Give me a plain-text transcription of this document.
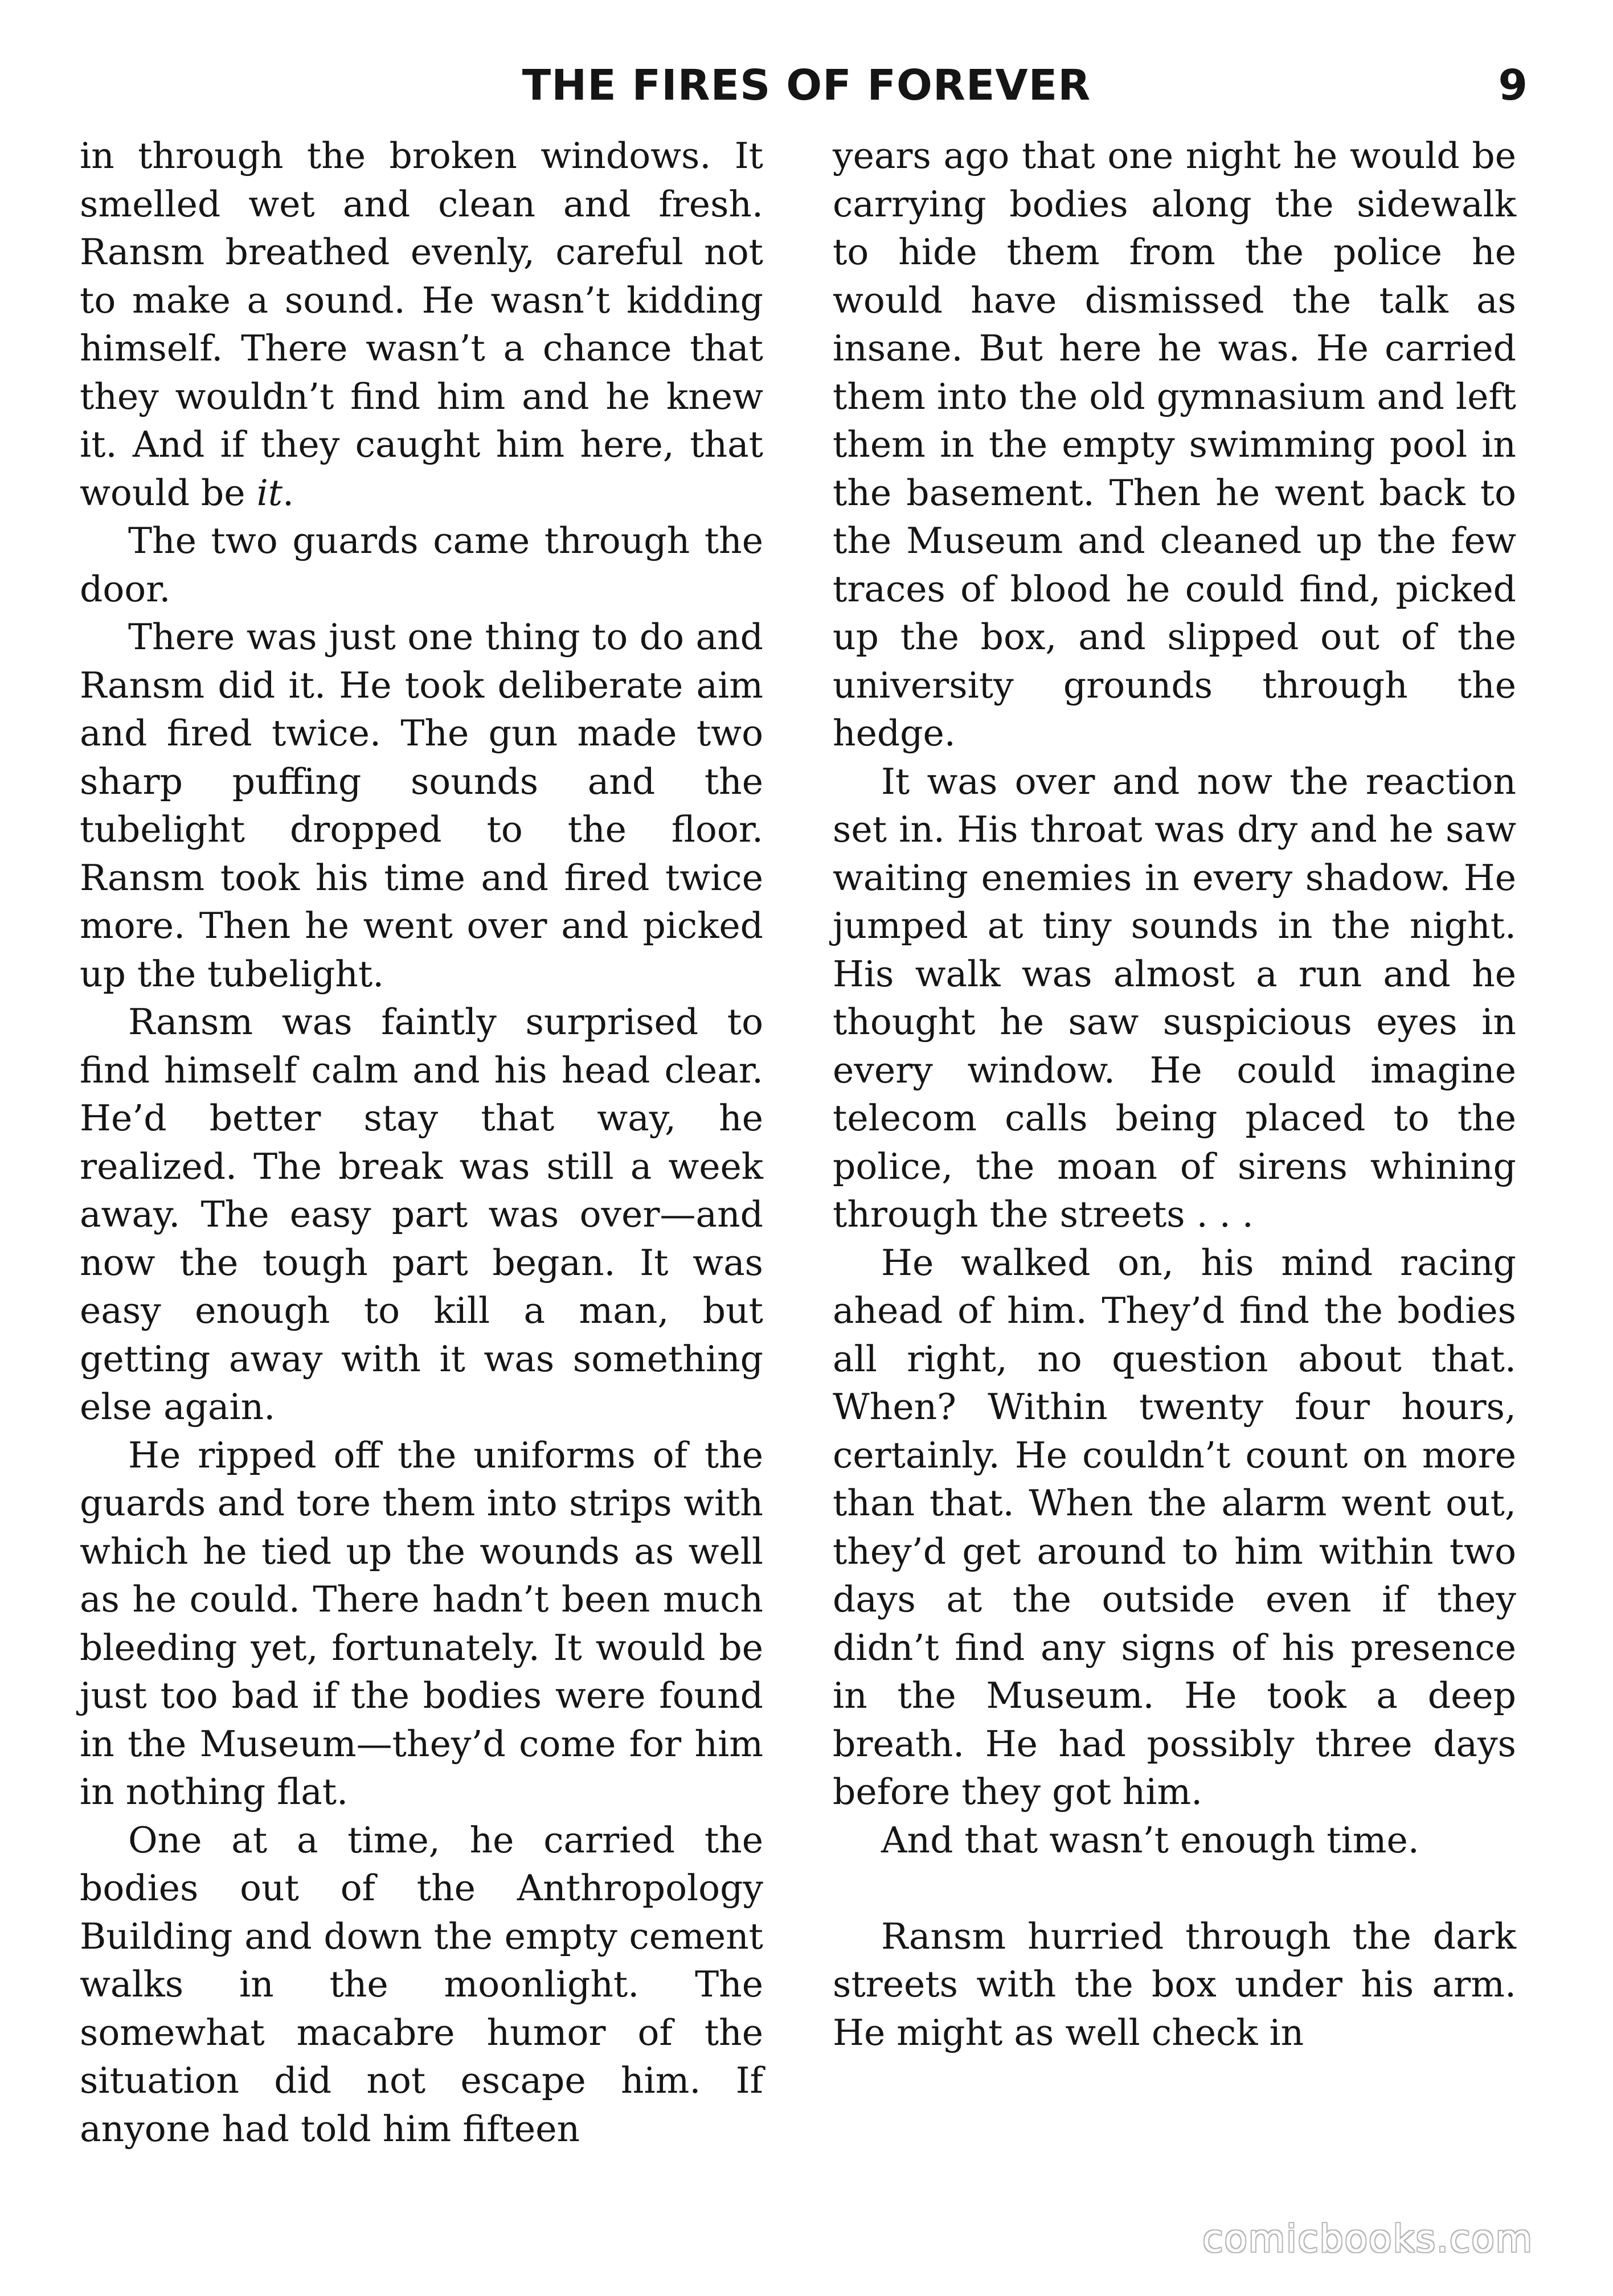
THE FIRES OF FOREVER	9

in through the broken windows. It smelled wet and clean and fresh. Ransm breathed evenly, careful not to make a sound. He wasn’t kidding himself. There wasn’t a chance that they wouldn’t find him and he knew it. And if they caught him here, that would be it.

The two guards came through the door.

There was just one thing to do and Ransm did it. He took deliberate aim and fired twice. The gun made two sharp puffing sounds and the tubelight dropped to the floor. Ransm took his time and fired twice more. Then he went over and picked up the tubelight.

Ransm was faintly surprised to find himself calm and his head clear. He’d better stay that way, he realized. The break was still a week away. The easy part was over—and now the tough part began. It was easy enough to kill a man, but getting away with it was something else again.

He ripped off the uniforms of the guards and tore them into strips with which he tied up the wounds as well as he could. There hadn’t been much bleeding yet, fortunately. It would be just too bad if the bodies were found in the Museum—they’d come for him in nothing flat.

One at a time, he carried the bodies out of the Anthropology Building and down the empty cement walks in the moonlight. The somewhat macabre humor of the situation did not escape him. If anyone had told him fifteen

years ago that one night he would be carrying bodies along the sidewalk to hide them from the police he would have dismissed the talk as insane. But here he was. He carried them into the old gymnasium and left them in the empty swimming pool in the basement. Then he went back to the Museum and cleaned up the few traces of blood he could find, picked up the box, and slipped out of the university grounds through the hedge.

It was over and now the reaction set in. His throat was dry and he saw waiting enemies in every shadow. He jumped at tiny sounds in the night. His walk was almost a run and he thought he saw suspicious eyes in every window. He could imagine telecom calls being placed to the police, the moan of sirens whining through the streets . . .

He walked on, his mind racing ahead of him. They’d find the bodies all right, no question about that. When? Within twenty four hours, certainly. He couldn’t count on more than that. When the alarm went out, they’d get around to him within two days at the outside even if they didn’t find any signs of his presence in the Museum. He took a deep breath. He had possibly three days before they got him.

And that wasn’t enough time.

Ransm hurried through the dark streets with the box under his arm. He might as well check in

comicbooks.com
